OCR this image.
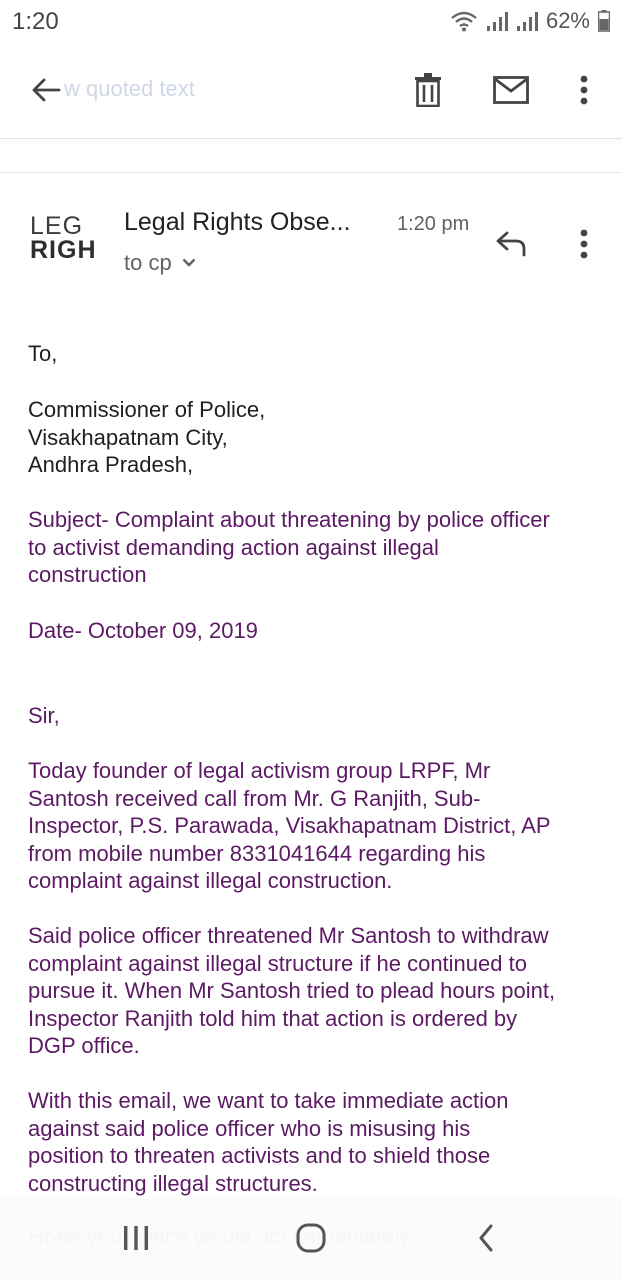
1:20	62%
w quoted text
LEG
RIGH
Legal Rights Obse... 1:20 pm
to cp
To,
Commissioner of Police,
Visakhapatnam City,
Andhra Pradesh,
Subject- Complaint about threatening by police officer
to activist demanding action against illegal
construction
Date- October 09, 2019
Sir,
Today founder of legal activism group LRPF, Mr
Santosh received call from Mr. G Ranjith, Sub-
Inspector, P.S. Parawada, Visakhapatnam District, AP
from mobile number 8331041644 regarding his
complaint against illegal construction.
Said police officer threatened Mr Santosh to withdraw
complaint against illegal structure if he continued to
pursue it. When Mr Santosh tried to plead hours point,
Inspector Ranjith told him that action is ordered by
DGP office.
With this email, we want to take immediate action
against said police officer who is misusing his
position to threaten activists and to shield those
constructing illegal structures.
